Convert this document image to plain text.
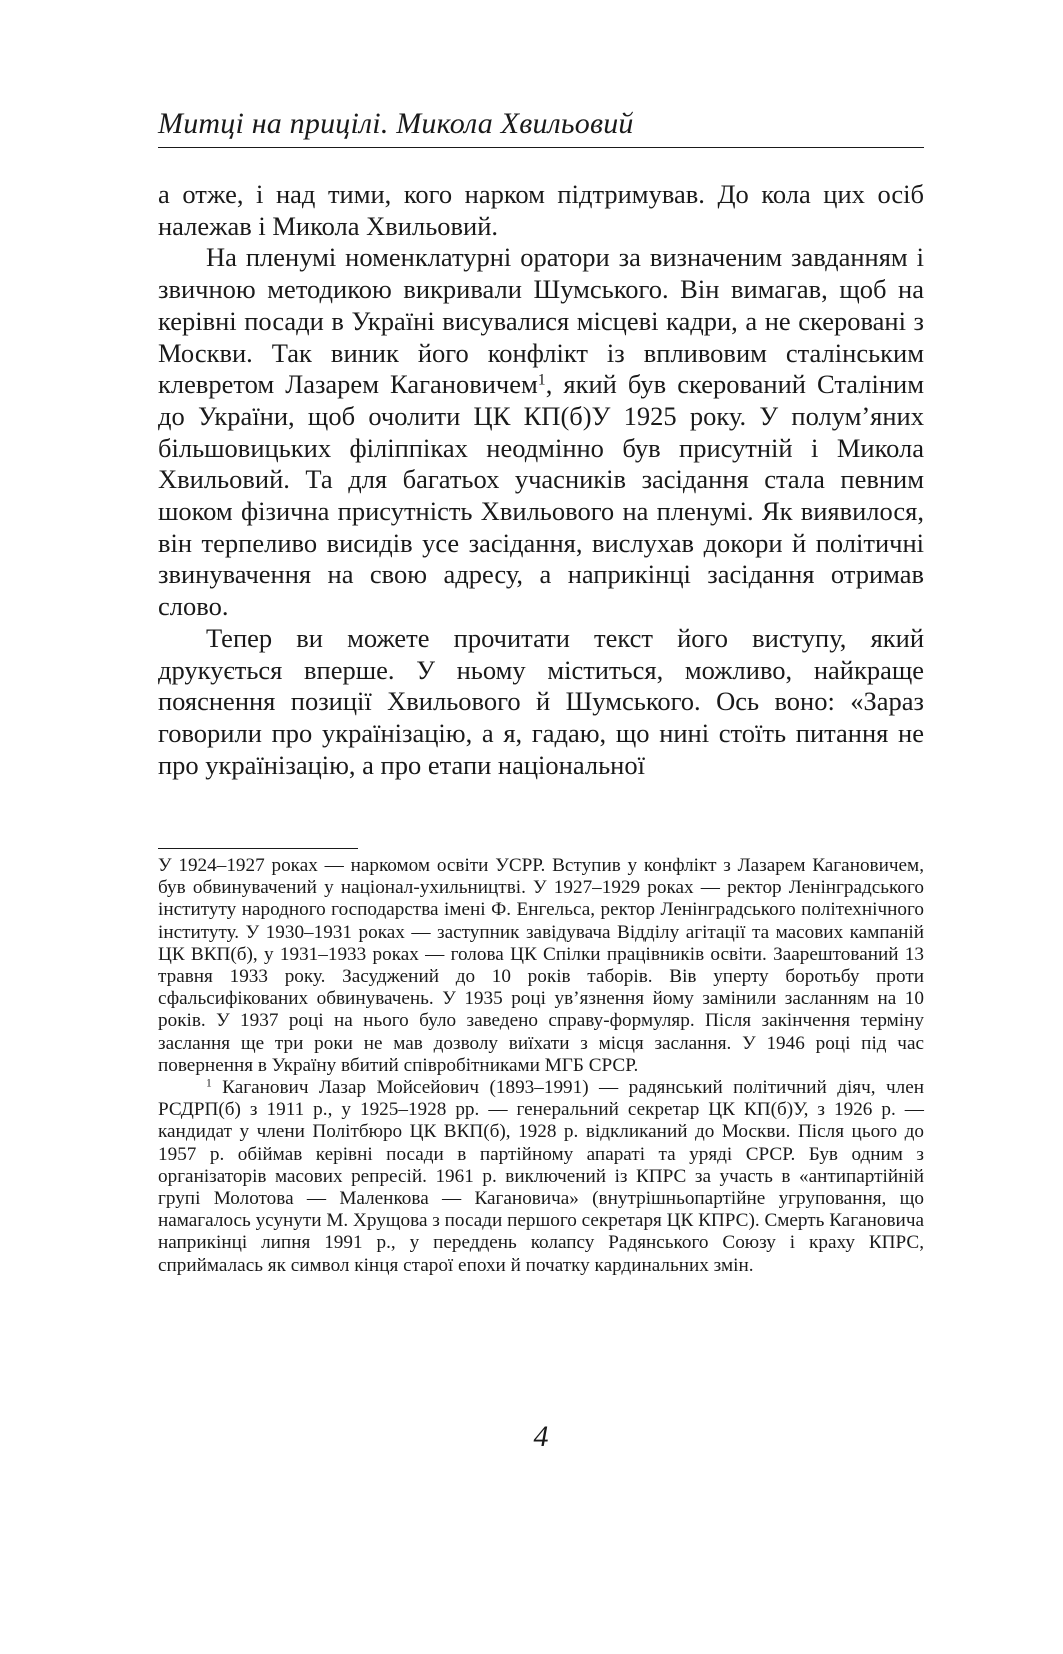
Митці на прицілі. Микола Хвильовий

а отже, і над тими, кого нарком підтримував. До кола цих осіб належав і Микола Хвильовий.

На пленумі номенклатурні оратори за визначеним завданням і звичною методикою викривали Шумського. Він вимагав, щоб на керівні посади в Україні висувалися місцеві кадри, а не скеровані з Москви. Так виник його конфлікт із впливовим сталінським клевретом Лазарем Кагановичем$^1$, який був скерований Сталіним до України, щоб очолити ЦК КП(б)У 1925 року. У полум’яних більшовицьких філіппіках неодмінно був присутній і Микола Хвильовий. Та для багатьох учасників засідання стала певним шоком фізична присутність Хвильового на пленумі. Як виявилося, він терпеливо висидів усе засідання, вислухав докори й політичні звинувачення на свою адресу, а наприкінці засідання отримав слово.

Тепер ви можете прочитати текст його виступу, який друкується вперше. У ньому міститься, можливо, найкраще пояснення позиції Хвильового й Шумського. Ось воно: «Зараз говорили про українізацію, а я, гадаю, що нині стоїть питання не про українізацію, а про етапи національної

У 1924–1927 роках — наркомом освіти УСРР. Вступив у конфлікт з Лазарем Кагановичем, був обвинувачений у націонал-ухильництві. У 1927–1929 роках — ректор Ленінградського інституту народного господарства імені Ф. Енгельса, ректор Ленінградського політехнічного інституту. У 1930–1931 роках — заступник завідувача Відділу агітації та масових кампаній ЦК ВКП(б), у 1931–1933 роках — голова ЦК Спілки працівників освіти. Заарештований 13 травня 1933 року. Засуджений до 10 років таборів. Вів уперту боротьбу проти сфальсифікованих обвинувачень. У 1935 році ув’язнення йому замінили засланням на 10 років. У 1937 році на нього було заведено справу-формуляр. Після закінчення терміну заслання ще три роки не мав дозволу виїхати з місця заслання. У 1946 році під час повернення в Україну вбитий співробітниками МГБ СРСР.

$^1$ Каганович Лазар Мойсейович (1893–1991) — радянський політичний діяч, член РСДРП(б) з 1911 р., у 1925–1928 рр. — генеральний секретар ЦК КП(б)У, з 1926 р. — кандидат у члени Політбюро ЦК ВКП(б), 1928 р. відкликаний до Москви. Після цього до 1957 р. обіймав керівні посади в партійному апараті та уряді СРСР. Був одним з організаторів масових репресій. 1961 р. виключений із КПРС за участь в «антипартійній групі Молотова — Маленкова — Кагановича» (внутрішньопартійне угруповання, що намагалось усунути М. Хрущова з посади першого секретаря ЦК КПРС). Смерть Кагановича наприкінці липня 1991 р., у переддень колапсу Радянського Союзу і краху КПРС, сприймалась як символ кінця старої епохи й початку кардинальних змін.

4
